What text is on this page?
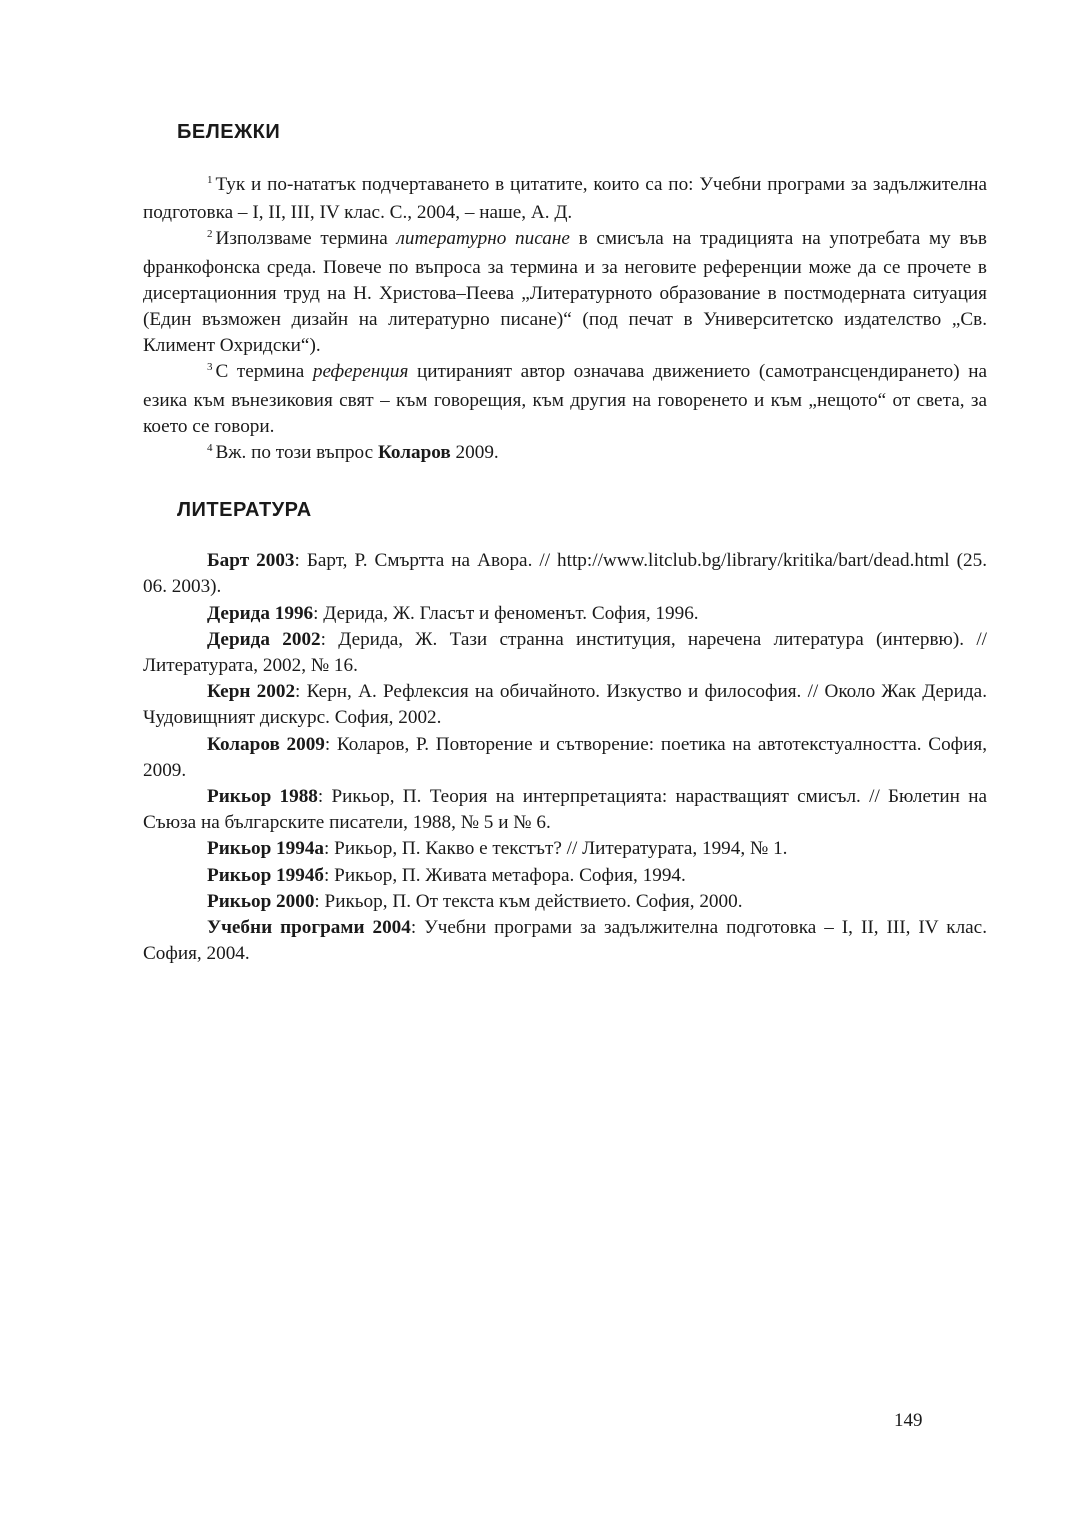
БЕЛЕЖКИ

$^1$ Тук и по-нататък подчертаването в цитатите, които са по: Учебни програми за задължителна подготовка – I, II, III, IV клас. С., 2004, – наше, А. Д.

$^2$ Използваме термина литературно писане в смисъла на традицията на употребата му във франкофонска среда. Повече по въпроса за термина и за неговите референции може да се прочете в дисертационния труд на Н. Христова–Пеева „Литературното образование в постмодерната ситуация (Един възможен дизайн на литературно писане)“ (под печат в Университетско издателство „Св. Климент Охридски“).

$^3$ С термина референция цитираният автор означава движението (самотрансцендирането) на езика към вънезиковия свят – към говорещия, към другия на говоренето и към „нещото“ от света, за което се говори.

$^4$ Вж. по този въпрос Коларов 2009.

ЛИТЕРАТУРА

Барт 2003: Барт, Р. Смъртта на Авора. // http://www.litclub.bg/library/kritika/bart/​dead.html (25. 06. 2003).

Дерида 1996: Дерида, Ж. Гласът и феноменът. София, 1996.

Дерида 2002: Дерида, Ж. Тази странна институция, наречена литература (интервю). // Литературата, 2002, № 16.

Керн 2002: Керн, А. Рефлексия на обичайното. Изкуство и философия. // Около Жак Дерида. Чудовищният дискурс. София, 2002.

Коларов 2009: Коларов, Р. Повторение и сътворение: поетика на автотекстуалността. София, 2009.

Рикьор 1988: Рикьор, П. Теория на интерпретацията: нарастващият смисъл. // Бюлетин на Съюза на българските писатели, 1988, № 5 и № 6.

Рикьор 1994а: Рикьор, П. Какво е текстът? // Литературата, 1994, № 1.

Рикьор 1994б: Рикьор, П. Живата метафора. София, 1994.

Рикьор 2000: Рикьор, П. От текста към действието. София, 2000.

Учебни програми 2004: Учебни програми за задължителна подготовка – I, II, III, IV клас. София, 2004.

149
